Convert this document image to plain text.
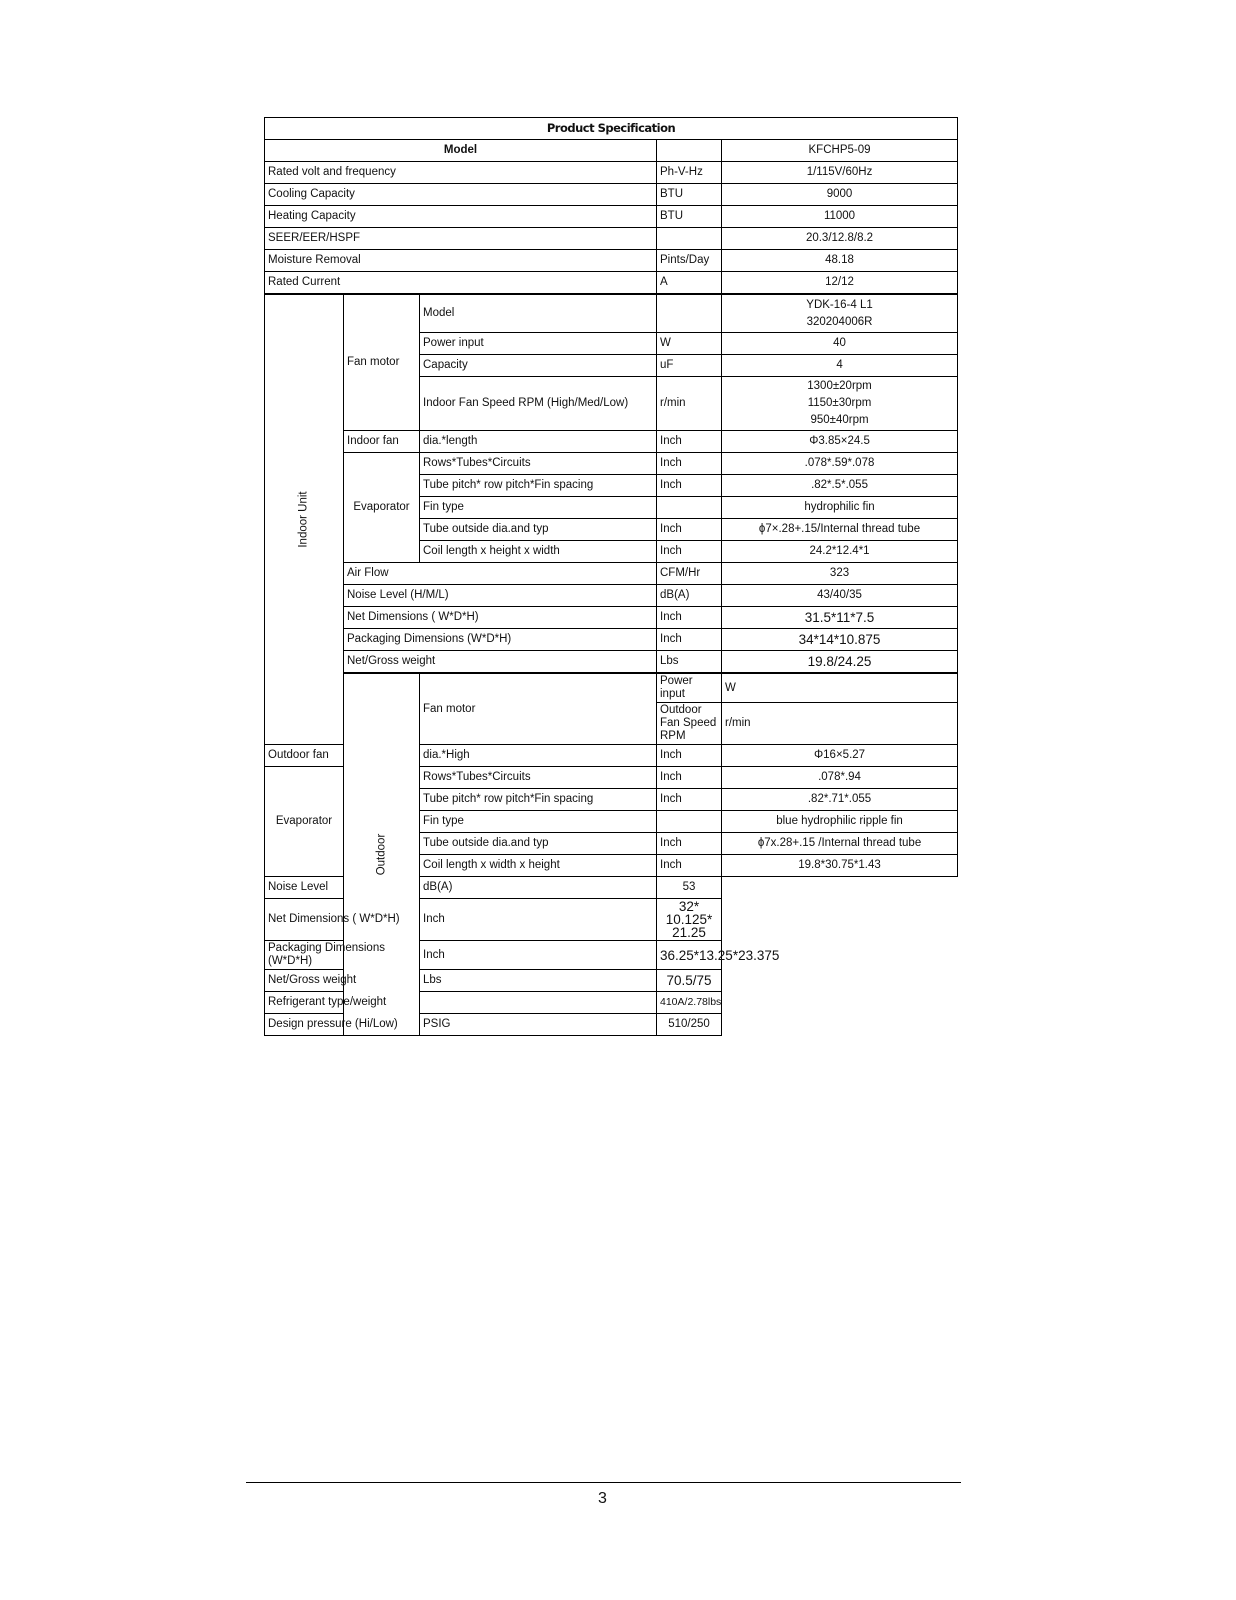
Product Specification					
Model				KFCHP5-09	
Rated volt and frequency			Ph-V-Hz	1/115V/60Hz	
Cooling Capacity			BTU	9000	
Heating Capacity			BTU	11000	
SEER/EER/HSPF				20.3/12.8/8.2	
Moisture Removal			Pints/Day	48.18	
Rated Current			A	12/12	
Indoor Unit	Fan motor	Model		YDK-16-4 L1
320204006R	

		Power input	W	40	
		Capacity	uF	4	
		Indoor Fan Speed RPM (High/Med/Low)	r/min	1300±20rpm
1150±30rpm
950±40rpm	

	Indoor fan	dia.*length	Inch	Φ3.85×24.5	
	Evaporator	Rows*Tubes*Circuits	Inch	.078*.59*.078	
		Tube pitch* row pitch*Fin spacing	Inch	.82*.5*.055	
		Fin type		hydrophilic fin	
		Tube outside dia.and typ	Inch	ϕ7×.28+.15/Internal thread tube	
		Coil length x height x width	Inch	24.2*12.4*1	
	Air Flow		CFM/Hr	323	
	Noise Level (H/M/L)		dB(A)	43/40/35	
	Net Dimensions ( W*D*H)		Inch	31.5*11*7.5	
	Packaging Dimensions (W*D*H)		Inch	34*14*10.875	
	Net/Gross weight		Lbs	19.8/24.25	
	Outdoor	Fan motor	Power input	W	
			Outdoor Fan Speed RPM	r/min	
Outdoor fan		dia.*High	Inch	Φ16×5.27	
Evaporator		Rows*Tubes*Circuits	Inch	.078*.94	
		Tube pitch* row pitch*Fin spacing	Inch	.82*.71*.055	
		Fin type		blue hydrophilic ripple fin	
		Tube outside dia.and typ	Inch	ϕ7x.28+.15 /Internal thread tube	
		Coil length x width x height	Inch	19.8*30.75*1.43	
Noise Level		dB(A)	53		
Net Dimensions ( W*D*H)		Inch	32* 10.125* 21.25		
Packaging Dimensions (W*D*H)		Inch	36.25*13.25*23.375		
Net/Gross weight		Lbs	70.5/75		
Refrigerant type/weight			410A/2.78lbs		
Design pressure (Hi/Low)		PSIG	510/250		
3
